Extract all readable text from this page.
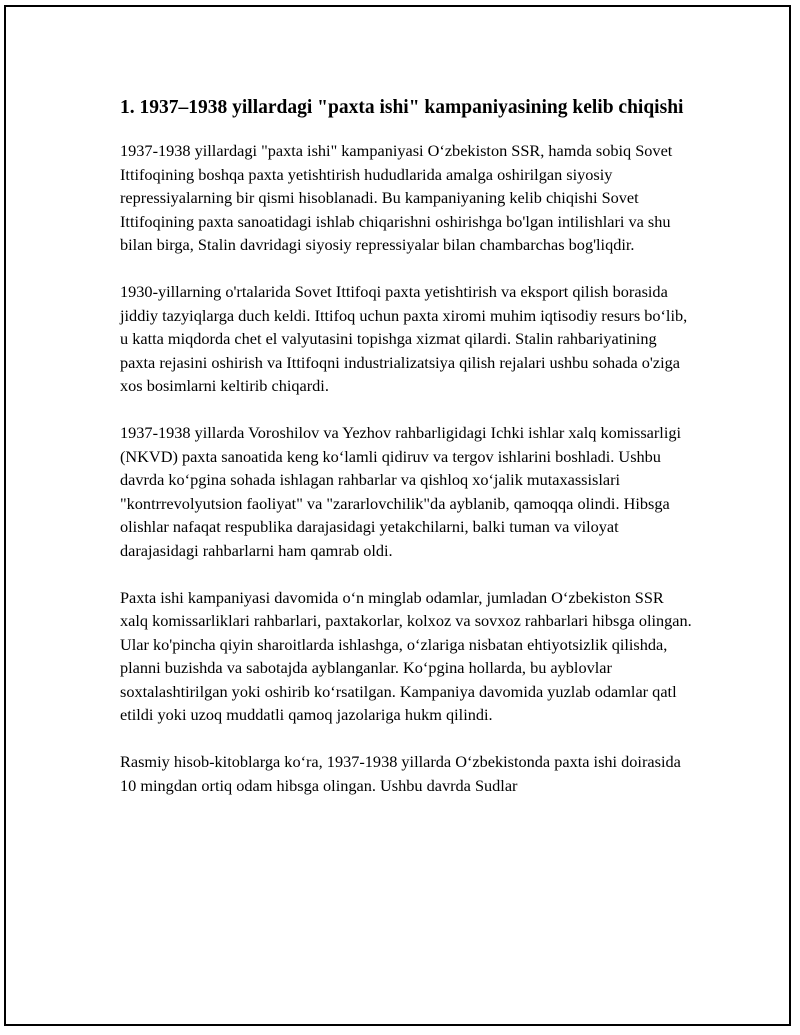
1. 1937–1938 yillardagi "paxta ishi" kampaniyasining kelib chiqishi

1937-1938 yillardagi "paxta ishi" kampaniyasi O‘zbekiston SSR, hamda sobiq Sovet Ittifoqining boshqa paxta yetishtirish hududlarida amalga oshirilgan siyosiy repressiyalarning bir qismi hisoblanadi. Bu kampaniyaning kelib chiqishi Sovet Ittifoqining paxta sanoatidagi ishlab chiqarishni oshirishga bo'lgan intilishlari va shu bilan birga, Stalin davridagi siyosiy repressiyalar bilan chambarchas bog'liqdir.

1930-yillarning o'rtalarida Sovet Ittifoqi paxta yetishtirish va eksport qilish borasida jiddiy tazyiqlarga duch keldi. Ittifoq uchun paxta xiromi muhim iqtisodiy resurs bo‘lib, u katta miqdorda chet el valyutasini topishga xizmat qilardi. Stalin rahbariyatining paxta rejasini oshirish va Ittifoqni industrializatsiya qilish rejalari ushbu sohada o'ziga xos bosimlarni keltirib chiqardi.

1937-1938 yillarda Voroshilov va Yezhov rahbarligidagi Ichki ishlar xalq komissarligi (NKVD) paxta sanoatida keng ko‘lamli qidiruv va tergov ishlarini boshladi. Ushbu davrda ko‘pgina sohada ishlagan rahbarlar va qishloq xo‘jalik mutaxassislari "kontrrevolyutsion faoliyat" va "zararlovchilik"da ayblanib, qamoqqa olindi. Hibsga olishlar nafaqat respublika darajasidagi yetakchilarni, balki tuman va viloyat darajasidagi rahbarlarni ham qamrab oldi.

Paxta ishi kampaniyasi davomida o‘n minglab odamlar, jumladan O‘zbekiston SSR xalq komissarliklari rahbarlari, paxtakorlar, kolxoz va sovxoz rahbarlari hibsga olingan. Ular ko'pincha qiyin sharoitlarda ishlashga, o‘zlariga nisbatan ehtiyotsizlik qilishda, planni buzishda va sabotajda ayblanganlar. Ko‘pgina hollarda, bu ayblovlar soxtalashtirilgan yoki oshirib ko‘rsatilgan. Kampaniya davomida yuzlab odamlar qatl etildi yoki uzoq muddatli qamoq jazolariga hukm qilindi.

Rasmiy hisob-kitoblarga ko‘ra, 1937-1938 yillarda O‘zbekistonda paxta ishi doirasida 10 mingdan ortiq odam hibsga olingan. Ushbu davrda Sudlar
